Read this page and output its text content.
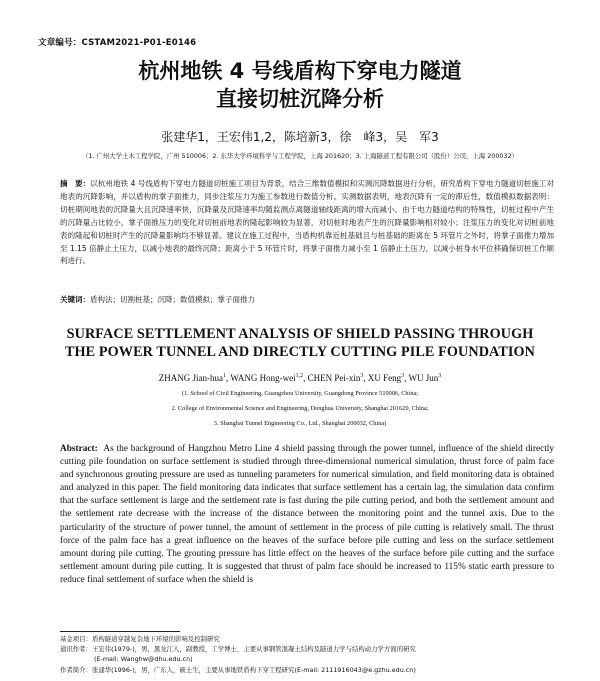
文章编号：CSTAM2021-P01-E0146
杭州地铁 4 号线盾构下穿电力隧道
直接切桩沉降分析
张建华1，王宏伟1,2，陈培新3，徐　峰3，吴　军3
（1. 广州大学土木工程学院，广州 510006；2. 东华大学环境科学与工程学院，上海 201620；3. 上海隧道工程有限公司（股份）公司，上海 200032）
摘　要：以杭州地铁 4 号线盾构下穿电力隧道切桩施工项目为背景，结合三维数值模拟和实测沉降数据进行分析，研究盾构下穿电力隧道切桩施工对地表的沉降影响，并以盾构的掌子面推力，同步注浆压力为施工参数进行数值分析。实测数据表明，地表沉降有一定的滞后性，数值模拟数据表明：切桩期间地表的沉降量大且沉降速率快，沉降量及沉降速率均随监测点离隧道轴线距离的增大而减小。由于电力隧道结构的特殊性，切桩过程中产生的沉降量占比较小，掌子面推压力的变化对切桩前地表的隆起影响较为显著，对切桩时地表产生的沉降量影响相对较小；注浆压力的变化对切桩前地表的隆起和切桩时产生的沉降量影响均不够显著。建议在施工过程中，当盾构机靠近桩基础且与桩基础的距离在 5 环管片之外时，将掌子面推力增加至 1.15 倍静止土压力，以减小地表的最终沉降；距离小于 5 环管片时，将掌子面推力减小至 1 倍静止土压力，以减小桩身水平位移确保切桩工作顺利进行。
关键词：盾构法；切割桩基；沉降；数值模拟；掌子面推力
SURFACE SETTLEMENT ANALYSIS OF SHIELD PASSING THROUGH
THE POWER TUNNEL AND DIRECTLY CUTTING PILE FOUNDATION
ZHANG Jian-hua$^1$, WANG Hong-wei$^{1,2}$, CHEN Pei-xin$^3$, XU Feng$^3$, WU Jun$^3$
(1. School of Civil Engineering, Guangzhou University, Guangdong Province 510006, China;
2. College of Environmental Science and Engineering, Donghua University, Shanghai 201620, China;
3. Shanghai Tunnel Engineering Co., Ltd., Shanghai 200032, China)
Abstract: As the background of Hangzhou Metro Line 4 shield passing through the power tunnel, influence of the shield directly cutting pile foundation on surface settlement is studied through three-dimensional numerical simulation, thrust force of palm face and synchronous grouting pressure are used as tunneling parameters for numerical simulation, and field monitoring data is obtained and analyzed in this paper. The field monitoring data indicates that surface settlement has a certain lag, the simulation data confirm that the surface settlement is large and the settlement rate is fast during the pile cutting period, and both the settlement amount and the settlement rate decrease with the increase of the distance between the monitoring point and the tunnel axis. Due to the particularity of the structure of power tunnel, the amount of settlement in the process of pile cutting is relatively small. The thrust force of the palm face has a great influence on the heaves of the surface before pile cutting and less on the surface settlement amount during pile cutting. The grouting pressure has little effect on the heaves of the surface before pile cutting and the surface settlement amount during pile cutting. It is suggested that thrust of palm face should be increased to 115% static earth pressure to reduce final settlement of surface when the shield is
基金项目：盾构隧道穿越复杂地下环境的影响及控制研究
通讯作者：王宏伟(1979-)，男，黑龙江人，副教授，工学博士，主要从事钢管混凝土结构及隧道力学与结构动力学方面的研究
(E-mail: Wanghw@dhu.edu.cn)
作者简介：张建华(1996-)，男，广东人，硕士生，主要从事地铁盾构下穿工程研究(E-mail: 2111916043@e.gzhu.edu.cn)
